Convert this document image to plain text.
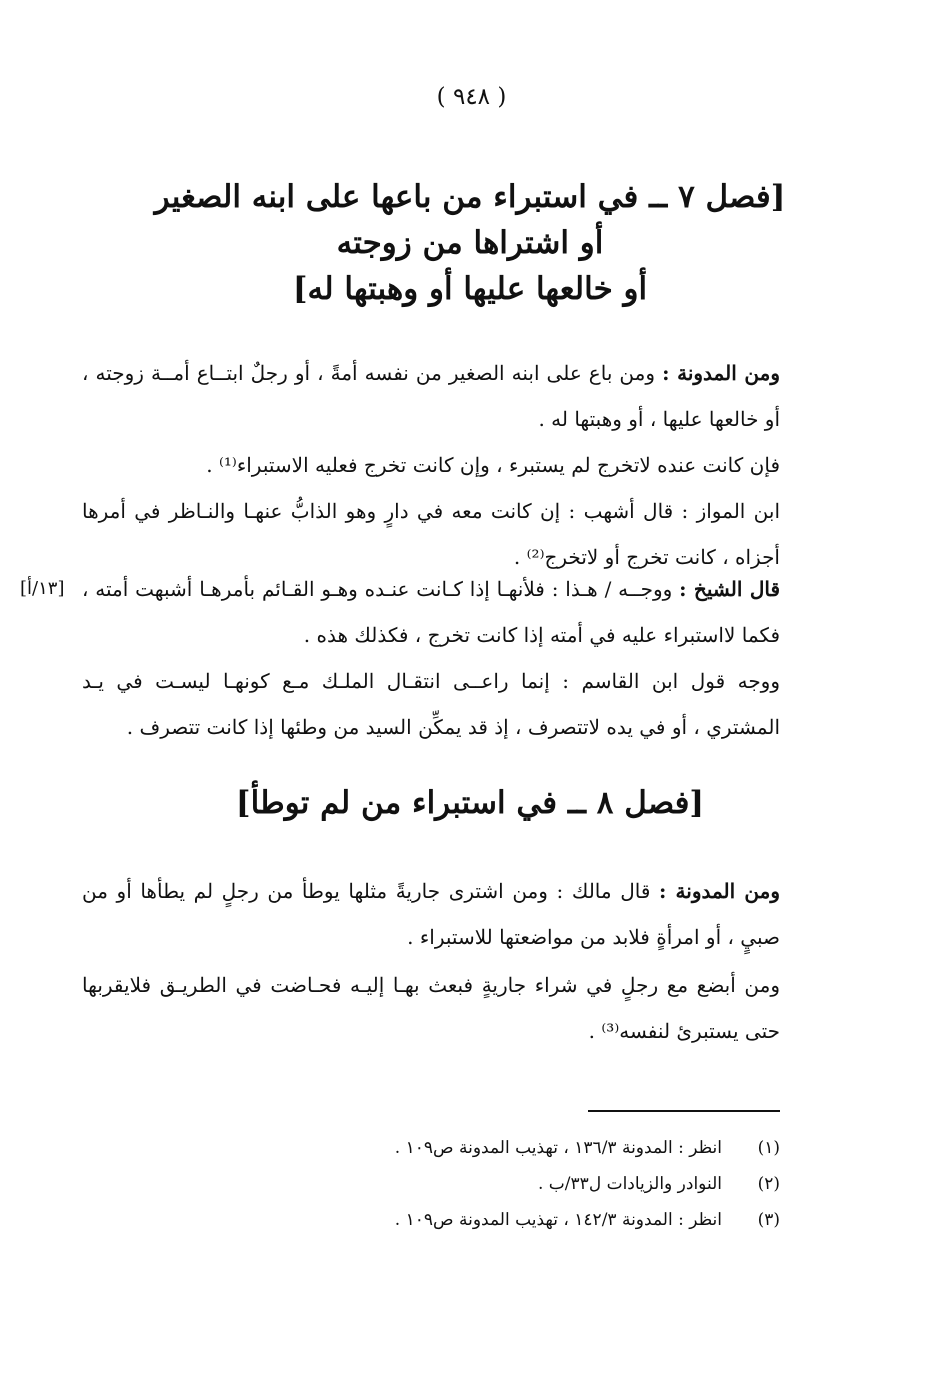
( ٩٤٨ )
[فصل ٧ ــ في استبراء من باعها على ابنه الصغير
أو اشتراها من زوجته
أو خالعها عليها أو وهبتها له]
ومن المدونة : ومن باع على ابنه الصغير من نفسه أمةً ، أو رجلٌ ابتــاع أمــة زوجته ، أو خالعها عليها ، أو وهبتها له .
فإن كانت عنده لاتخرج لم يستبرء ، وإن كانت تخرج فعليه الاستبراء⁽¹⁾ .
ابن المواز : قال أشهب : إن كانت معه في دارٍ وهو الذابُّ عنهـا والنـاظر في أمرها أجزاه ، كانت تخرج أو لاتخرج⁽²⁾ .
[١٣/أ]	قال الشيخ : ووجــه / هـذا : فلأنهـا إذا كـانت عنـده وهـو القـائم بأمرهـا أشبهت أمته ، فكما لااستبراء عليه في أمته إذا كانت تخرج ، فكذلك هذه .
ووجه قول ابن القاسم : إنما راعــى انتقـال الملـك مـع كونهـا ليسـت في يـد المشتري ، أو في يده لاتتصرف ، إذ قد يمكِّن السيد من وطئها إذا كانت تتصرف .
[فصل ٨ ــ في استبراء من لم توطأ]
ومن المدونة : قال مالك : ومن اشترى جاريةً مثلها يوطأ من رجلٍ لم يطأها أو من صبيٍ ، أو امرأةٍ فلابد من مواضعتها للاستبراء .
ومن أبضع مع رجلٍ في شراء جاريةٍ فبعث بهـا إليـه فحـاضت في الطريـق فلايقربها حتى يستبرئ لنفسه⁽³⁾ .
(١)
انظر : المدونة ١٣٦/٣ ، تهذيب المدونة ص١٠٩ .
(٢)
النوادر والزيادات ل٣٣/ب .
(٣)
انظر : المدونة ١٤٢/٣ ، تهذيب المدونة ص١٠٩ .
